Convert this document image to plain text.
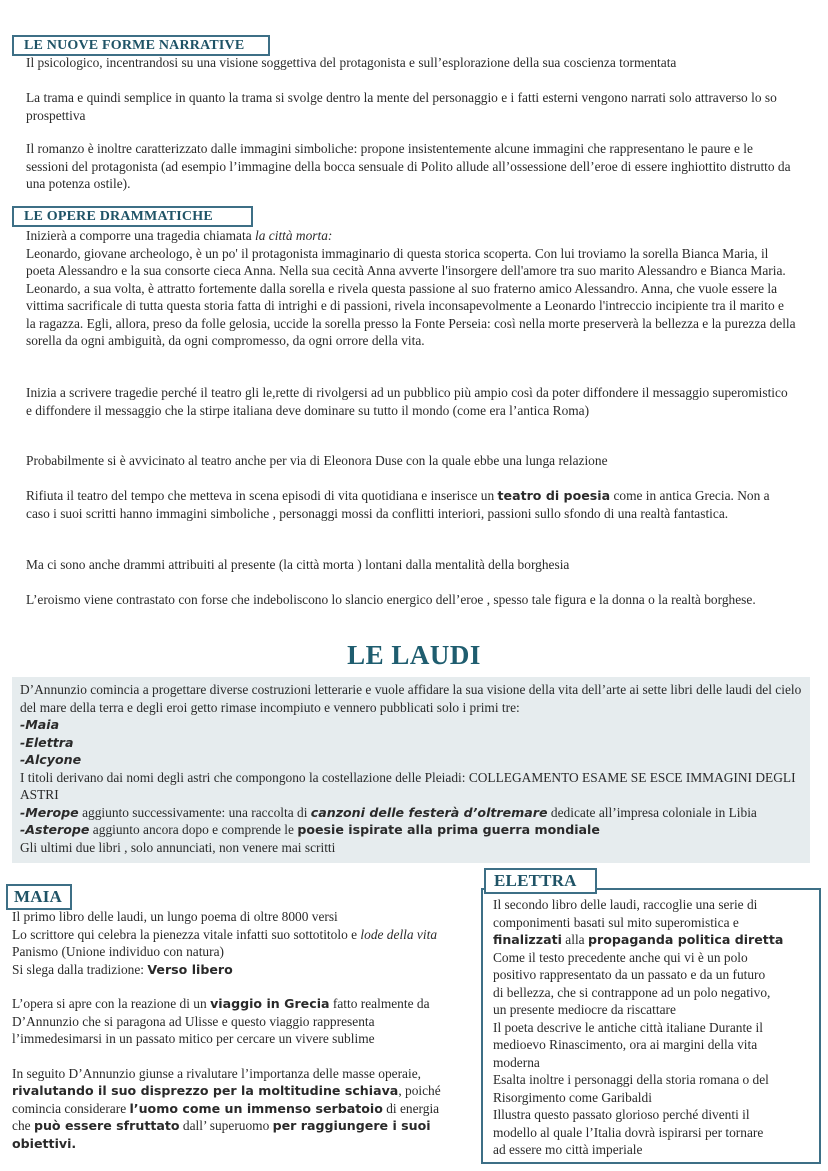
LE NUOVE FORME NARRATIVE

Il psicologico, incentrandosi su una visione soggettiva del protagonista e sull’esplorazione della sua coscienza tormentata

La trama e quindi semplice in quanto la trama si svolge dentro la mente del personaggio e i fatti esterni vengono narrati solo attraverso lo so prospettiva

Il romanzo è inoltre caratterizzato dalle immagini simboliche: propone insistentemente alcune immagini che rappresentano le paure e le sessioni del protagonista (ad esempio l’immagine della bocca sensuale di Polito allude all’ossessione dell’eroe di essere inghiottito distrutto da una potenza ostile).

LE OPERE DRAMMATICHE

Inizierà a comporre una tragedia chiamata la città morta:
Leonardo, giovane archeologo, è un po' il protagonista immaginario di questa storica scoperta. Con lui troviamo la sorella Bianca Maria, il poeta Alessandro e la sua consorte cieca Anna. Nella sua cecità Anna avverte l'insorgere dell'amore tra suo marito Alessandro e Bianca Maria. Leonardo, a sua volta, è attratto fortemente dalla sorella e rivela questa passione al suo fraterno amico Alessandro. Anna, che vuole essere la vittima sacrificale di tutta questa storia fatta di intrighi e di passioni, rivela inconsapevolmente a Leonardo l'intreccio incipiente tra il marito e la ragazza. Egli, allora, preso da folle gelosia, uccide la sorella presso la Fonte Perseia: così nella morte preserverà la bellezza e la purezza della sorella da ogni ambiguità, da ogni compromesso, da ogni orrore della vita.

Inizia a scrivere tragedie perché il teatro gli le,rette di rivolgersi ad un pubblico più ampio così da poter diffondere il messaggio superomistico e diffondere il messaggio che la stirpe italiana deve dominare su tutto il mondo (come era l’antica Roma)

Probabilmente si è avvicinato al teatro anche per via di Eleonora Duse con la quale ebbe una lunga relazione

Rifiuta il teatro del tempo che metteva in scena episodi di vita quotidiana e inserisce un teatro di poesia come in antica Grecia. Non a caso i suoi scritti hanno immagini simboliche , personaggi mossi da conflitti interiori, passioni sullo sfondo di una realtà fantastica.

Ma ci sono anche drammi attribuiti al presente (la città morta ) lontani dalla mentalità della borghesia

L’eroismo viene contrastato con forse che indeboliscono lo slancio energico dell’eroe , spesso tale figura e la donna o la realtà borghese.

LE LAUDI
D’Annunzio comincia a progettare diverse costruzioni letterarie e vuole affidare la sua visione della vita dell’arte ai sette libri delle laudi del cielo del mare della terra e degli eroi getto rimase incompiuto e vennero pubblicati solo i primi tre:
-Maia
-Elettra
-Alcyone
I titoli derivano dai nomi degli astri che compongono la costellazione delle Pleiadi: COLLEGAMENTO ESAME SE ESCE IMMAGINI DEGLI ASTRI
-Merope aggiunto successivamente: una raccolta di canzoni delle festerà d’oltremare dedicate all’impresa coloniale in Libia
-Asterope aggiunto ancora dopo e comprende le poesie ispirate alla prima guerra mondiale
Gli ultimi due libri , solo annunciati, non venere mai scritti
MAIA
Il primo libro delle laudi, un lungo poema di oltre 8000 versi
Lo scrittore qui celebra la pienezza vitale infatti suo sottotitolo e lode della vita
Panismo (Unione individuo con natura)
Si slega dalla tradizione: Verso libero
L’opera si apre con la reazione di un viaggio in Grecia fatto realmente da
D’Annunzio che si paragona ad Ulisse e questo viaggio rappresenta
l’immedesimarsi in un passato mitico per cercare un vivere sublime
In seguito D’Annunzio giunse a rivalutare l’importanza delle masse operaie,
rivalutando il suo disprezzo per la moltitudine schiava, poiché
comincia considerare l’uomo come un immenso serbatoio di energia
che può essere sfruttato dall’ superuomo per raggiungere i suoi
obiettivi.
Il secondo libro delle laudi, raccoglie una serie di
componimenti basati sul mito superomistica e
finalizzati alla propaganda politica diretta
Come il testo precedente anche qui vi è un polo
positivo rappresentato da un passato e da un futuro
di bellezza, che si contrappone ad un polo negativo,
un presente mediocre da riscattare
Il poeta descrive le antiche città italiane Durante il
medioevo Rinascimento, ora ai margini della vita
moderna
Esalta inoltre i personaggi della storia romana o del
Risorgimento come Garibaldi
Illustra questo passato glorioso perché diventi il
modello al quale l’Italia dovrà ispirarsi per tornare
ad essere mo città imperiale
ELETTRA
